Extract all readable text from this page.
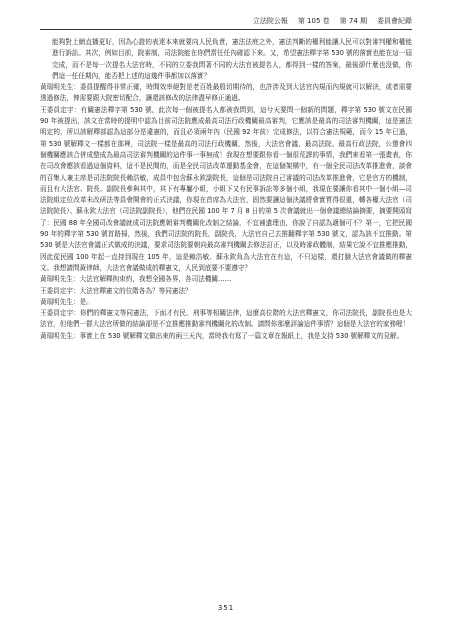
立法院公報 第 105 卷 第 74 期 委員會紀錄

能夠對上網直播更好，因為心證的表達本來就要向人民負責，憲法法庭之外，憲法判斷的權利能讓人民可以對審判權和權能進行訴訟。其次，例如目前，院審制，司法院能在你們當任任內確認下來。又，希望憲法釋字第 530 號的落實也能在這一屆完成，而不是每一次提名大法官時，不同的立委我問著不同的大法官被提名人，都得到一樣的答案，最後卻什麼也沒做，你們這一任任期內，能否把上述的這幾件事都加以落實？

黃瑞明先生：委員提醒得非常正確，時間效率絕對是老百姓最殷切期待的，也許涉及到大法官內規而內規就可以解決，或者需要透過修法，俾需要跟大院密切配合，讓還該修改的法律盡早修正通過。

王委員定宇：有關憲法釋字第 530 號，此次每一個被提名人都被我問到，這兮天要問一個新的問題，釋字第 530 號文在民國 90 年被提出，該文在當時的提明中認為目前司法院應成最高司法行政機關最高審判，它應該是最高的司法審判機關，這是憲法明定的，所以該解釋部認為這部分是違憲的，而且必須兩年內（民國 92 年前）完成修法，以符合憲法規範，而今 15 年已過，第 530 號解釋文一樣都在那裡，司法院一樣是最高的司法行政機關，然後，大法官會議、最高法院、最高行政法院，公懲會四個機關應該合併成整成為最高司法審判機關的這件事一事無成！我現在想要跟你看一個很荒謬的事情，我們來看第一張畫表，你在司改會應該看過這個資料，這不是民間的，而是全民司法改革運動基金會，在這個架構中，有一個全民司法改革推進會，談會的召集人兼主席是司法院院長賴浩敏，成員中包含蘇永欽副院長，這個是司法院自己審議的司法改革推進會，它是官方的機制，而且有大法官、院長、副院長參與其中，其下有專屬小組，小組下又有民事訴訟等多個小組，我現在要讓你看其中一個小組—司法院組定位改革未改研法等員會開會的正式決議，你現在首席為大法官，固然要讓這個決議將會實質得很重，轉各權大法官（司法院院長）、蘇永欽大法官（司法院副院長），他們在民國 100 年 7 月 8 日的第 5 次會議就出一個會議總結論摘要，摘要開頭寫了：民國 88 年全國司改會議就成司法院應朝審判機關化改制之結論，不宜補遺理由，你說了自認為適個可不？第一，它把民國 90 年的釋字第 530 號首路掃，然後，我們司法院的院長，副院長，大法官自己去推翻釋字第 530 號文，認為該不宜推動。第 530 號是大法官會議正式做成的決議，要求司法院要朝向最高審判機關去修法訂正，以及時審政體制，結果它說不宜推應推動，因此從民國 100 年起一直持到現在 105 年，這是賴浩敏、蘇永欽負為大法官在有這，不只這樣，還打臉大法官會議做的釋憲文。我想請問黃律師，大法官會議做成的釋憲文，人民到底要不要遵守？

黃瑞明先生：大法官解釋拘束約，我想全國各界，各司法機關……

王委員定宇：大法官釋憲文的位階各為？等同憲法？

黃瑞明先生：是。

王委員定宇：你們的釋憲文等同憲法，下面才有民、刑事等相關法律，這麼高位階的大法官釋憲文，你司法院長，副院長也是大法官，但他們一群大法官所做的結論卻是不宜推應推動審判機關化的改制。請問你那麼評論這件事情？這個是大法官的家務喔！

黃瑞明先生：事實上在 530 號解釋文做出來的兩三天內，當時我有寫了一篇文章在報紙上，我是支持 530 號解釋文的見解。

351
